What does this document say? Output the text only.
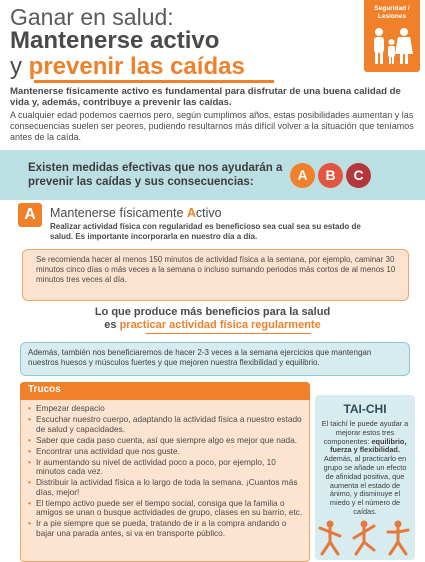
Ganar en salud:
Mantenerse activo
y prevenir las caídas
Seguridad /
Lesiones
Mantenerse físicamente activo es fundamental para disfrutar de una buena calidad de vida y, además, contribuye a prevenir las caídas.
A cualquier edad podemos caernos pero, según cumplimos años, estas posibilidades aumentan y las consecuencias suelen ser peores, pudiendo resultarnos más difícil volver a la situación que teníamos antes de la caída.
Existen medidas efectivas que nos ayudarán a prevenir las caídas y sus consecuencias:	A	B	C
A	Mantenerse físicamente Activo
Realizar actividad física con regularidad es beneficioso sea cual sea su estado de salud. Es importante incorporarla en nuestro día a día.
Se recomienda hacer al menos 150 minutos de actividad física a la semana, por ejemplo, caminar 30 minutos cinco días o más veces a la semana o incluso sumando periodos más cortos de al menos 10 minutos tres veces al día.
Lo que produce más beneficios para la salud
es practicar actividad física regularmente
Además, también nos beneficiaremos de hacer 2-3 veces a la semana ejercicios que mantengan nuestros huesos y músculos fuertes y que mejoren nuestra flexibilidad y equilibrio.
Trucos
• Empezar despacio
• Escuchar nuestro cuerpo, adaptando la actividad física a nuestro estado de salud y capacidades.
• Saber que cada paso cuenta, así que siempre algo es mejor que nada.
• Encontrar una actividad que nos guste.
• Ir aumentando su nivel de actividad poco a poco, por ejemplo, 10 minutos cada vez.
• Distribuir la actividad física a lo largo de toda la semana. ¡Cuantos más días, mejor!
• El tiempo activo puede ser el tiempo social, consiga que la familia o amigos se unan o busque actividades de grupo, clases en su barrio, etc.
• Ir a pie siempre que se pueda, tratando de ir a la compra andando o bajar una parada antes, si va en transporte público.
TAI-CHI
El taichí le puede ayudar a mejorar estos tres componentes: equilibrio, fuerza y flexibilidad. Además, al practicarlo en grupo se añade un efecto de afinidad positiva, que aumenta el estado de ánimo, y disminuye el miedo y el número de caídas.
